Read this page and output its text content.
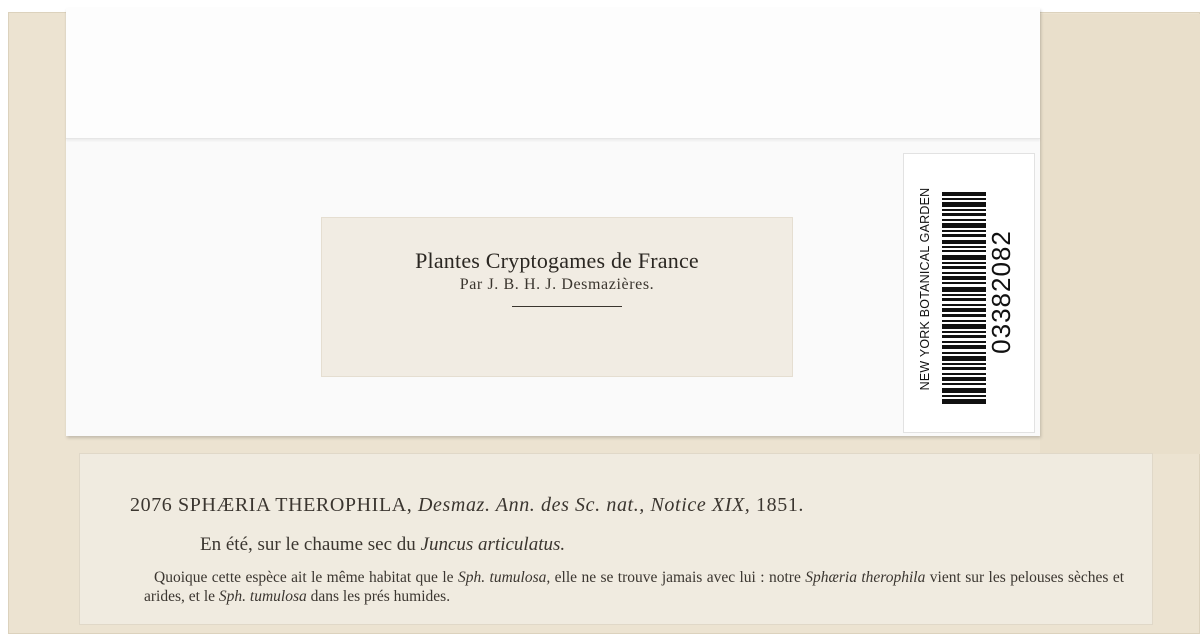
Plantes Cryptogames de France
Par J. B. H. J. Desmazières.	NEW YORK BOTANICAL GARDEN 03382082
2076 SPHÆRIA THEROPHILA, Desmaz. Ann. des Sc. nat., Notice XIX, 1851.
En été, sur le chaume sec du Juncus articulatus.
Quoique cette espèce ait le même habitat que le Sph. tumulosa, elle ne se trouve jamais avec lui : notre Sphæria therophila vient sur les pelouses sèches et arides, et le Sph. tumulosa dans les prés humides.
